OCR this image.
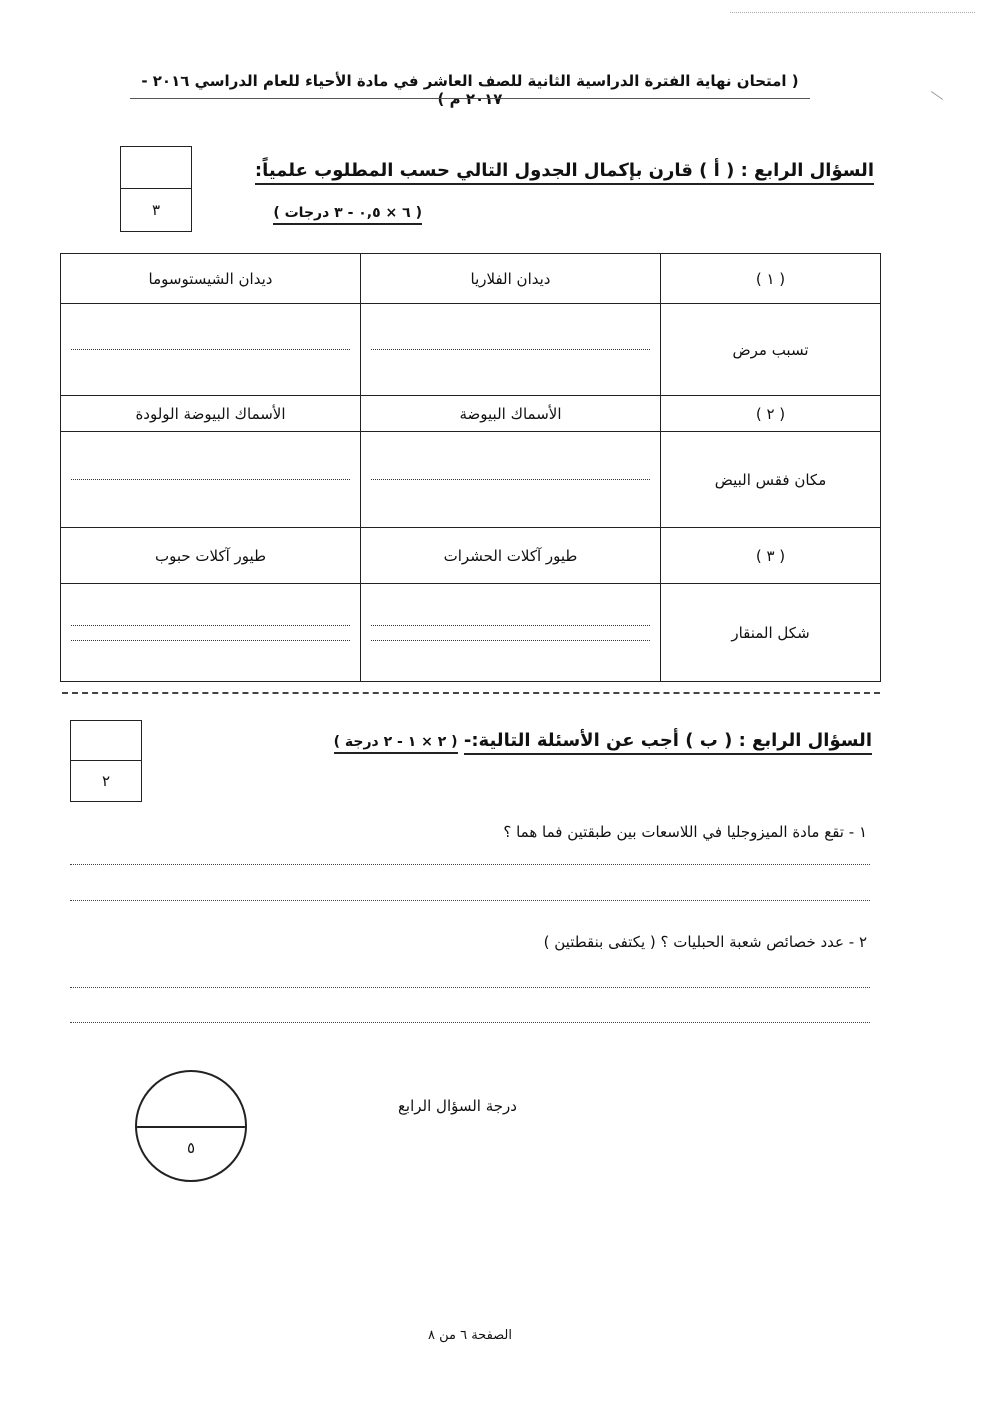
( امتحان نهاية الفترة الدراسية الثانية للصف العاشر في مادة الأحياء للعام الدراسي ٢٠١٦ - ٢٠١٧ م )
٣
السؤال الرابع : ( أ ) قارن بإكمال الجدول التالي حسب المطلوب علمياً:
( ٦ × ٠,٥ - ٣ درجات )
( ١ )	ديدان الفلاريا	ديدان الشيستوسوما
تسبب مرض	

( ٢ )	الأسماك البيوضة	الأسماك البيوضة الولودة
مكان فقس البيض	

( ٣ )	طيور آكلات الحشرات	طيور آكلات حبوب
شكل المنقار	

٢
السؤال الرابع : ( ب ) أجب عن الأسئلة التالية:- ( ٢ × ١ - ٢ درجة )
١ - تقع مادة الميزوجليا في اللاسعات بين طبقتين فما هما ؟
٢ - عدد خصائص شعبة الحبليات ؟ ( يكتفى بنقطتين )
درجة السؤال الرابع
٥
الصفحة ٦ من ٨
